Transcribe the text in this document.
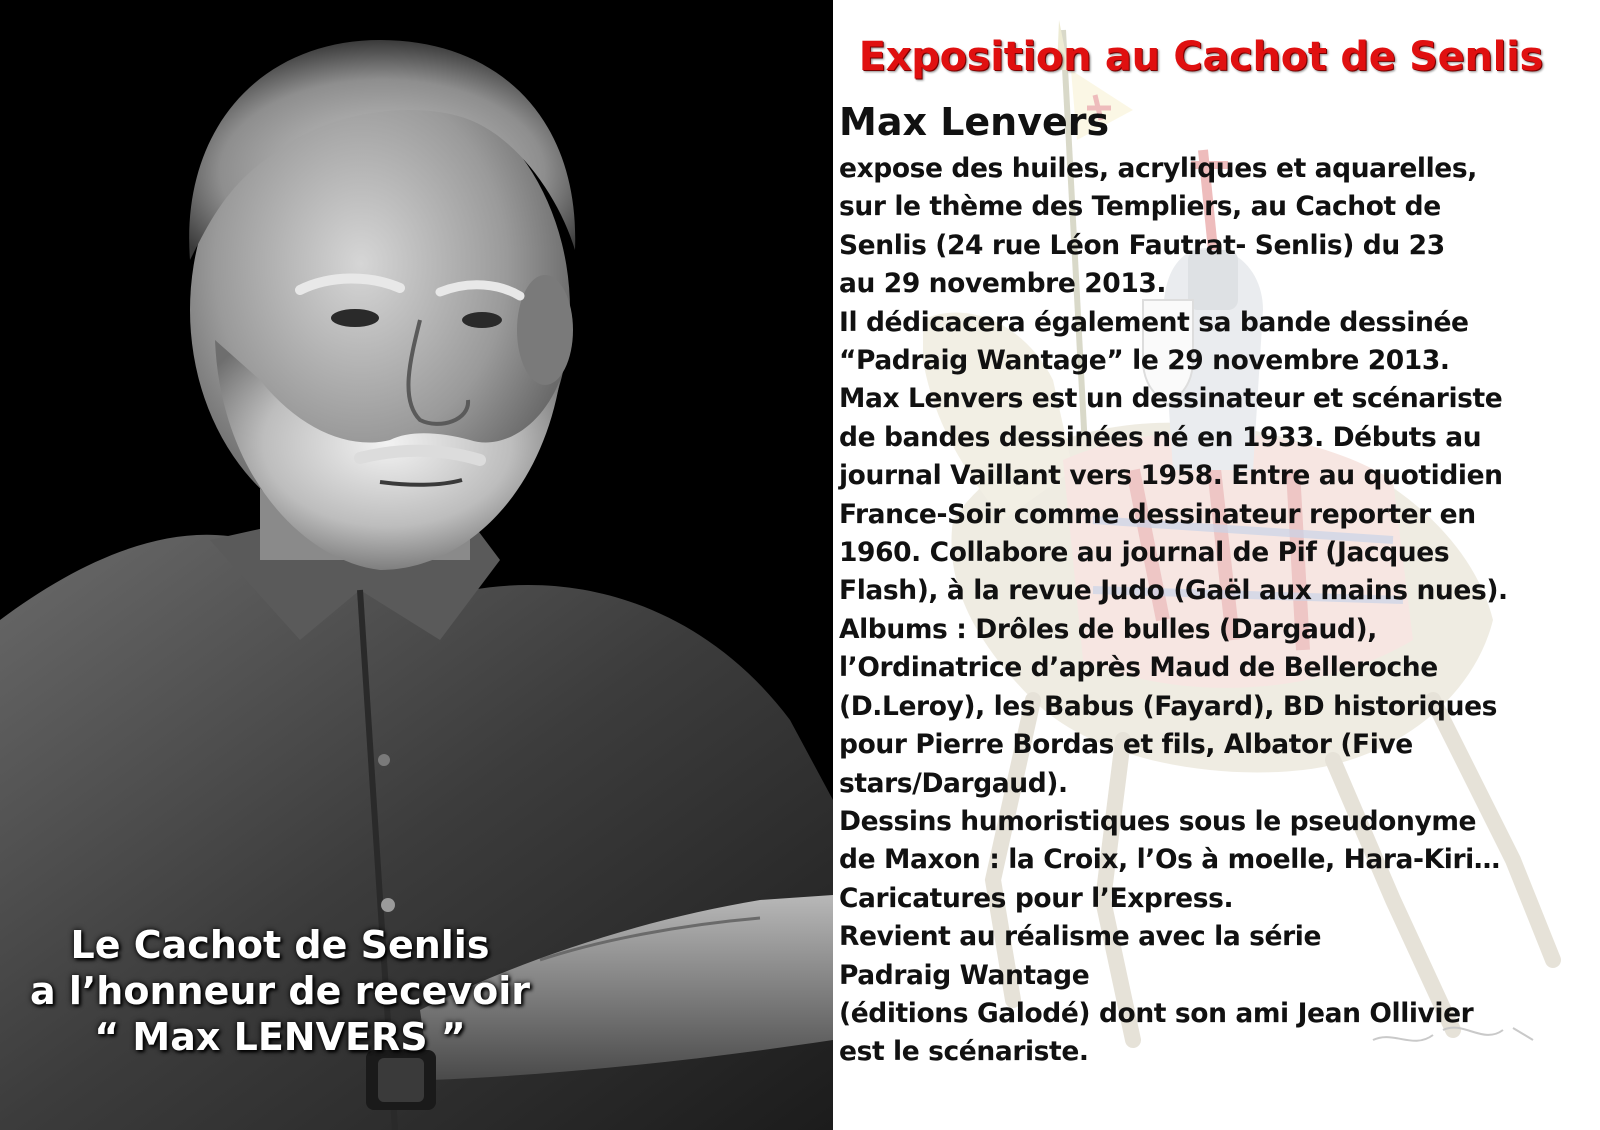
Le Cachot de Senlis
a l’honneur de recevoir
“ Max LENVERS ”
Exposition au Cachot de Senlis
Max Lenvers
expose des huiles, acryliques et aquarelles,
sur le thème des Templiers, au Cachot de
Senlis (24 rue Léon Fautrat- Senlis) du 23
au 29 novembre 2013.
Il dédicacera également sa bande dessinée
“Padraig Wantage” le 29 novembre 2013.
Max Lenvers est un dessinateur et scénariste
de bandes dessinées né en 1933. Débuts au
journal Vaillant vers 1958. Entre au quotidien
France-Soir comme dessinateur reporter en
1960. Collabore au journal de Pif (Jacques
Flash), à la revue Judo (Gaël aux mains nues).
Albums : Drôles de bulles (Dargaud),
l’Ordinatrice d’après Maud de Belleroche
(D.Leroy), les Babus (Fayard), BD historiques
pour Pierre Bordas et fils, Albator (Five
stars/Dargaud).
Dessins humoristiques sous le pseudonyme
de Maxon : la Croix, l’Os à moelle, Hara-Kiri…
Caricatures pour l’Express.
Revient au réalisme avec la série
Padraig Wantage
(éditions Galodé) dont son ami Jean Ollivier
est le scénariste.
